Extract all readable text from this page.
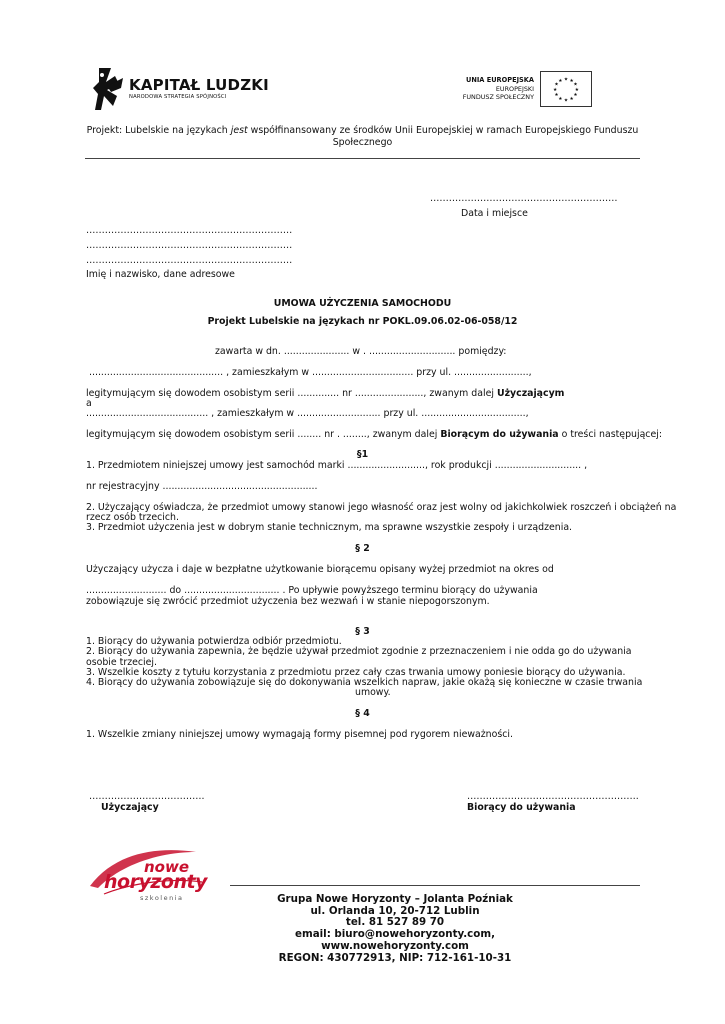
KAPITAŁ LUDZKI
NARODOWA STRATEGIA SPÓJNOŚCI
UNIA EUROPEJSKA
EUROPEJSKI
FUNDUSZ SPOŁECZNY
★ ★
★
★
★
★
★
★
★
★
★
★
Projekt: Lubelskie na językach jest współfinansowany ze środków Unii Europejskiej w ramach Europejskiego Funduszu
Społecznego
……………………………………………………
Data i miejsce
…………………………………………………………
…………………………………………………………
…………………………………………………………
Imię i nazwisko, dane adresowe
UMOWA UŻYCZENIA SAMOCHODU
Projekt Lubelskie na językach nr POKL.09.06.02-06-058/12
zawarta w dn. ...................... w . ............................. pomiędzy:
............................................. , zamieszkałym w .................................. przy ul. .........................,
legitymującym się dowodem osobistym serii .............. nr ......................., zwanym dalej Użyczającym
a
......................................... , zamieszkałym w ............................ przy ul. ...................................,
legitymującym się dowodem osobistym serii ........ nr . ........, zwanym dalej Biorącym do używania o treści następującej:
§1
1. Przedmiotem niniejszej umowy jest samochód marki .........................., rok produkcji ............................. ,
nr rejestracyjny ....................................................
2. Użyczający oświadcza, że przedmiot umowy stanowi jego własność oraz jest wolny od jakichkolwiek roszczeń i obciążeń na
rzecz osób trzecich.
3. Przedmiot użyczenia jest w dobrym stanie technicznym, ma sprawne wszystkie zespoły i urządzenia.
§ 2
Użyczający użycza i daje w bezpłatne użytkowanie biorącemu opisany wyżej przedmiot na okres od
........................... do ................................ . Po upływie powyższego terminu biorący do używania
zobowiązuje się zwrócić przedmiot użyczenia bez wezwań i w stanie niepogorszonym.
§ 3
1. Biorący do używania potwierdza odbiór przedmiotu.
2. Biorący do używania zapewnia, że będzie używał przedmiot zgodnie z przeznaczeniem i nie odda go do używania
osobie trzeciej.
3. Wszelkie koszty z tytułu korzystania z przedmiotu przez cały czas trwania umowy poniesie biorący do używania.
4. Biorący do używania zobowiązuje się do dokonywania wszelkich napraw, jakie okażą się konieczne w czasie trwania
umowy.
§ 4
1. Wszelkie zmiany niniejszej umowy wymagają formy pisemnej pod rygorem nieważności.
……………………………….
Użyczający
……………………………………………….
Biorący do używania
nowe
horyzonty
szkolenia	Grupa Nowe Horyzonty – Jolanta Poźniak
ul. Orlanda 10, 20-712 Lublin
tel. 81 527 89 70
email: biuro@nowehoryzonty.com,
www.nowehoryzonty.com
REGON: 430772913, NIP: 712-161-10-31
